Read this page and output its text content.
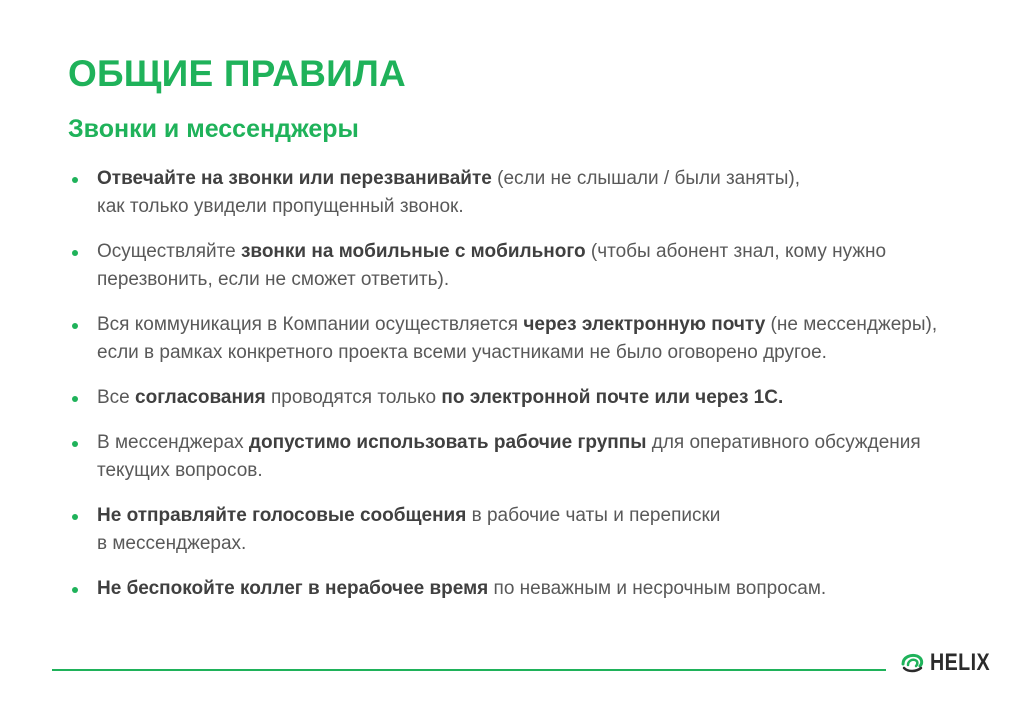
ОБЩИЕ ПРАВИЛА
Звонки и мессенджеры
Отвечайте на звонки или перезванивайте (если не слышали / были заняты),
как только увидели пропущенный звонок.
Осуществляйте звонки на мобильные с мобильного (чтобы абонент знал, кому нужно перезвонить, если не сможет ответить).
Вся коммуникация в Компании осуществляется через электронную почту (не мессенджеры), если в рамках конкретного проекта всеми участниками не было оговорено другое.
Все согласования проводятся только по электронной почте или через 1С.
В мессенджерах допустимо использовать рабочие группы для оперативного обсуждения текущих вопросов.
Не отправляйте голосовые сообщения в рабочие чаты и переписки
в мессенджерах.
Не беспокойте коллег в нерабочее время по неважным и несрочным вопросам.
HELIX
